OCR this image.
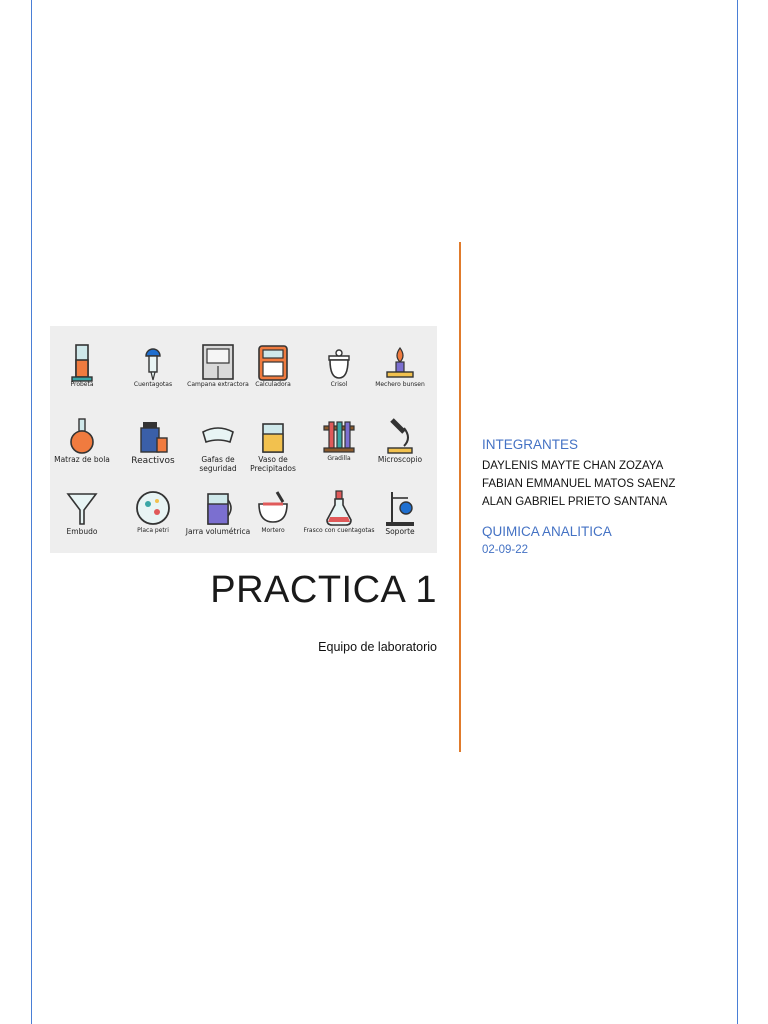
Probeta	Cuentagotas	Campana extractora	Calculadora	Crisol	Mechero bunsen
Matraz de bola	Reactivos	Gafas de seguridad
Vaso de Precipitados
Gradilla	Microscopio
Embudo	Placa petri	Jarra volumétrica	Mortero	Frasco con cuentagotas	Soporte
PRACTICA 1
Equipo de laboratorio
INTEGRANTES
DAYLENIS MAYTE CHAN ZOZAYA
FABIAN EMMANUEL MATOS SAENZ
ALAN GABRIEL PRIETO SANTANA
QUIMICA ANALITICA
02-09-22
